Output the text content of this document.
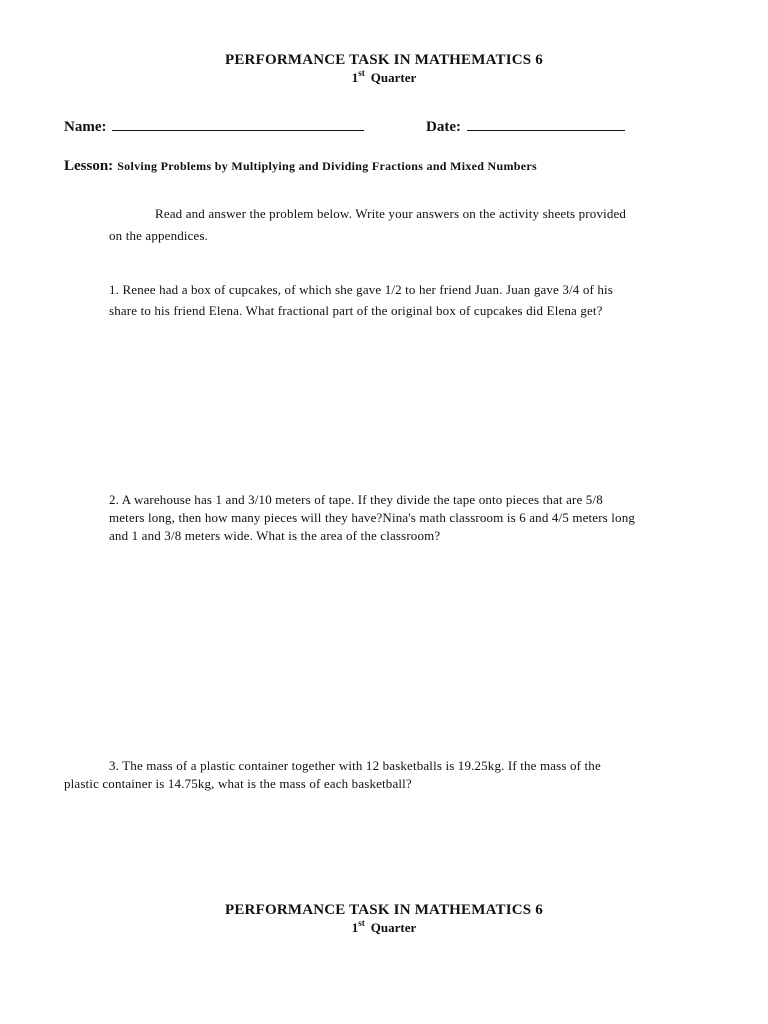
PERFORMANCE TASK IN MATHEMATICS 6
1st Quarter
Name:	Date:
Lesson: Solving Problems by Multiplying and Dividing Fractions and Mixed Numbers
Read and answer the problem below. Write your answers on the activity sheets provided
on the appendices.
1. Renee had a box of cupcakes, of which she gave 1/2 to her friend Juan. Juan gave 3/4 of his
share to his friend Elena. What fractional part of the original box of cupcakes did Elena get?
2. A warehouse has 1 and 3/10 meters of tape. If they divide the tape onto pieces that are 5/8
meters long, then how many pieces will they have?Nina's math classroom is 6 and 4/5 meters long
and 1 and 3/8 meters wide. What is the area of the classroom?
3. The mass of a plastic container together with 12 basketballs is 19.25kg. If the mass of the
plastic container is 14.75kg, what is the mass of each basketball?
PERFORMANCE TASK IN MATHEMATICS 6
1st Quarter
